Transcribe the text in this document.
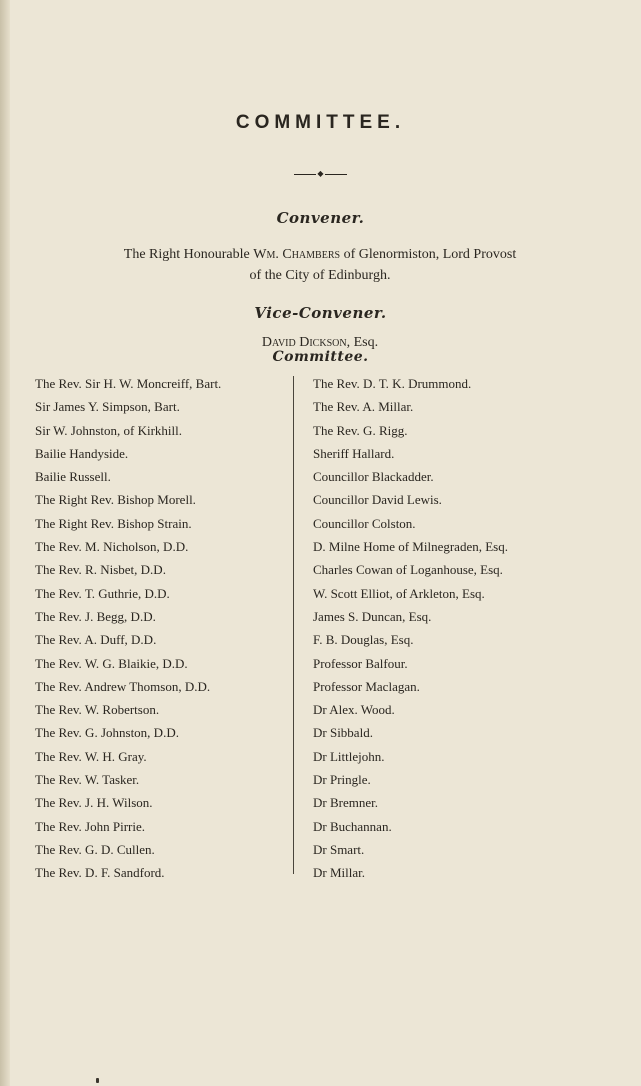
COMMITTEE.
◆
Convener.
The Right Honourable Wm. Chambers of Glenormiston, Lord Provost
of the City of Edinburgh.
Vice-Convener.
David Dickson, Esq.
Committee.
The Rev. Sir H. W. Moncreiff, Bart.
Sir James Y. Simpson, Bart.
Sir W. Johnston, of Kirkhill.
Bailie Handyside.
Bailie Russell.
The Right Rev. Bishop Morell.
The Right Rev. Bishop Strain.
The Rev. M. Nicholson, D.D.
The Rev. R. Nisbet, D.D.
The Rev. T. Guthrie, D.D.
The Rev. J. Begg, D.D.
The Rev. A. Duff, D.D.
The Rev. W. G. Blaikie, D.D.
The Rev. Andrew Thomson, D.D.
The Rev. W. Robertson.
The Rev. G. Johnston, D.D.
The Rev. W. H. Gray.
The Rev. W. Tasker.
The Rev. J. H. Wilson.
The Rev. John Pirrie.
The Rev. G. D. Cullen.
The Rev. D. F. Sandford.
The Rev. D. T. K. Drummond.
The Rev. A. Millar.
The Rev. G. Rigg.
Sheriff Hallard.
Councillor Blackadder.
Councillor David Lewis.
Councillor Colston.
D. Milne Home of Milnegraden, Esq.
Charles Cowan of Loganhouse, Esq.
W. Scott Elliot, of Arkleton, Esq.
James S. Duncan, Esq.
F. B. Douglas, Esq.
Professor Balfour.
Professor Maclagan.
Dr Alex. Wood.
Dr Sibbald.
Dr Littlejohn.
Dr Pringle.
Dr Bremner.
Dr Buchannan.
Dr Smart.
Dr Millar.
